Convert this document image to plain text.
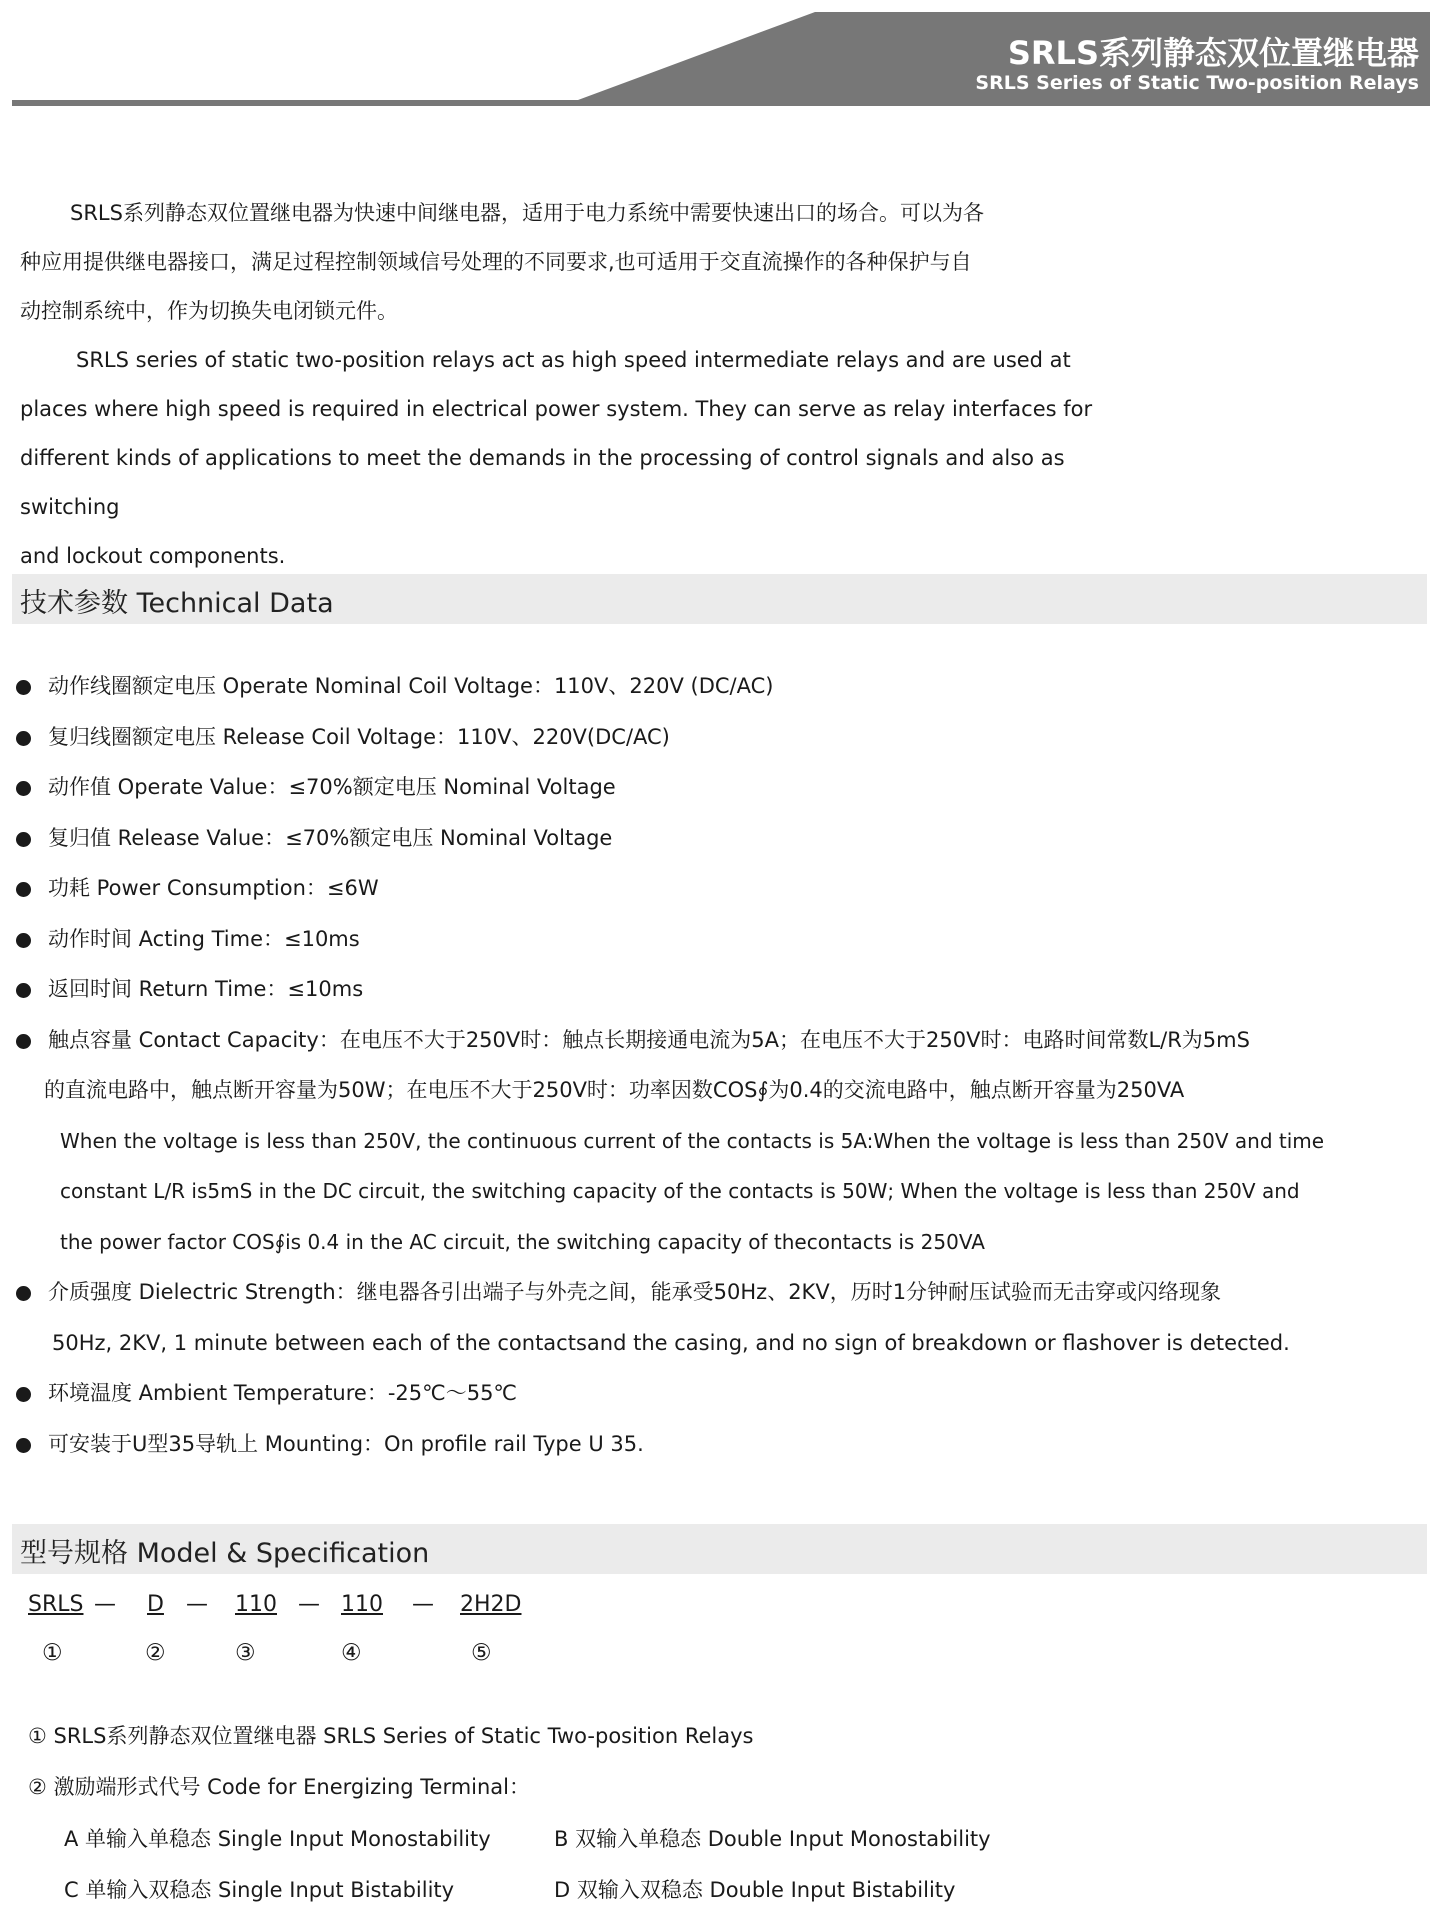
SRLS系列静态双位置继电器
SRLS Series of Static Two-position Relays

SRLS系列静态双位置继电器为快速中间继电器，适用于电力系统中需要快速出口的场合。可以为各

种应用提供继电器接口，满足过程控制领域信号处理的不同要求,也可适用于交直流操作的各种保护与自

动控制系统中，作为切换失电闭锁元件。

SRLS series of static two-position relays act as high speed intermediate relays and are used at

places where high speed is required in electrical power system. They can serve as relay interfaces for

different kinds of applications to meet the demands in the processing of control signals and also as switching

and lockout components.

技术参数 Technical Data
动作线圈额定电压 Operate Nominal Coil Voltage：110V、220V (DC/AC)
复归线圈额定电压 Release Coil Voltage：110V、220V(DC/AC)
动作值 Operate Value：≤70%额定电压 Nominal Voltage
复归值 Release Value：≤70%额定电压 Nominal Voltage
功耗 Power Consumption：≤6W
动作时间 Acting Time：≤10ms
返回时间 Return Time：≤10ms
触点容量 Contact Capacity：在电压不大于250V时：触点长期接通电流为5A；在电压不大于250V时：电路时间常数L/R为5mS
的直流电路中，触点断开容量为50W；在电压不大于250V时：功率因数COS∮为0.4的交流电路中，触点断开容量为250VA
When the voltage is less than 250V, the continuous current of the contacts is 5A:When the voltage is less than 250V and time
constant L/R is5mS in the DC circuit, the switching capacity of the contacts is 50W; When the voltage is less than 250V and
the power factor COS∮is 0.4 in the AC circuit, the switching capacity of thecontacts is 250VA
介质强度 Dielectric Strength：继电器各引出端子与外壳之间，能承受50Hz、2KV，历时1分钟耐压试验而无击穿或闪络现象
50Hz, 2KV, 1 minute between each of the contactsand the casing, and no sign of breakdown or flashover is detected.
环境温度 Ambient Temperature：-25℃～55℃
可安装于U型35导轨上 Mounting：On profile rail Type U 35.
型号规格 Model & Specification
SRLS — D — 110 — 110 — 2H2D
①	②	③	④	⑤
① SRLS系列静态双位置继电器 SRLS Series of Static Two-position Relays
② 激励端形式代号 Code for Energizing Terminal：
A 单输入单稳态 Single Input Monostability	B 双输入单稳态 Double Input Monostability
C 单输入双稳态 Single Input Bistability	D 双输入双稳态 Double Input Bistability
